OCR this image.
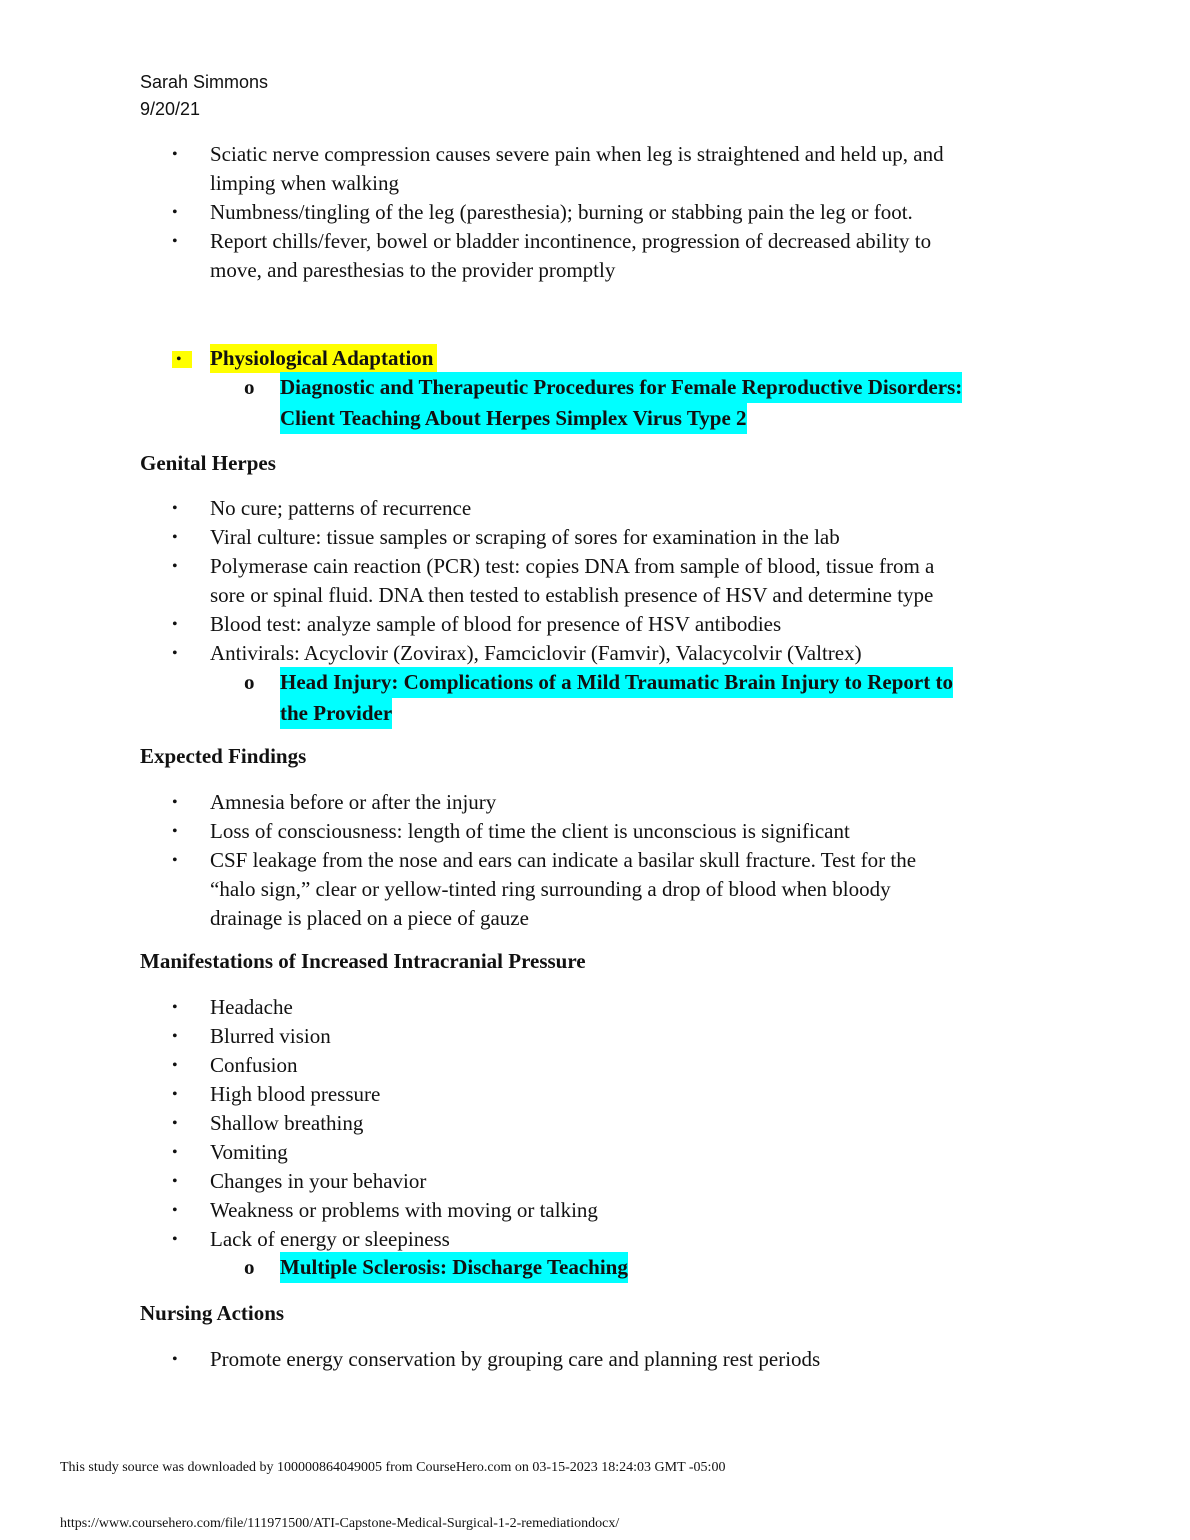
Sarah Simmons
9/20/21
• Sciatic nerve compression causes severe pain when leg is straightened and held up, and
limping when walking
• Numbness/tingling of the leg (paresthesia); burning or stabbing pain the leg or foot.
• Report chills/fever, bowel or bladder incontinence, progression of decreased ability to
move, and paresthesias to the provider promptly
•	Physiological Adaptation
o Diagnostic and Therapeutic Procedures for Female Reproductive Disorders:
Client Teaching About Herpes Simplex Virus Type 2
Genital Herpes
• No cure; patterns of recurrence
• Viral culture: tissue samples or scraping of sores for examination in the lab
• Polymerase cain reaction (PCR) test: copies DNA from sample of blood, tissue from a
sore or spinal fluid. DNA then tested to establish presence of HSV and determine type
• Blood test: analyze sample of blood for presence of HSV antibodies
• Antivirals: Acyclovir (Zovirax), Famciclovir (Famvir), Valacycolvir (Valtrex)
o Head Injury: Complications of a Mild Traumatic Brain Injury to Report to
the Provider
Expected Findings
• Amnesia before or after the injury
• Loss of consciousness: length of time the client is unconscious is significant
• CSF leakage from the nose and ears can indicate a basilar skull fracture. Test for the
“halo sign,” clear or yellow-tinted ring surrounding a drop of blood when bloody
drainage is placed on a piece of gauze
Manifestations of Increased Intracranial Pressure
• Headache
• Blurred vision
• Confusion
• High blood pressure
• Shallow breathing
• Vomiting
• Changes in your behavior
• Weakness or problems with moving or talking
• Lack of energy or sleepiness
o Multiple Sclerosis: Discharge Teaching
Nursing Actions
• Promote energy conservation by grouping care and planning rest periods
This study source was downloaded by 100000864049005 from CourseHero.com on 03-15-2023 18:24:03 GMT -05:00
https://www.coursehero.com/file/111971500/ATI-Capstone-Medical-Surgical-1-2-remediationdocx/
